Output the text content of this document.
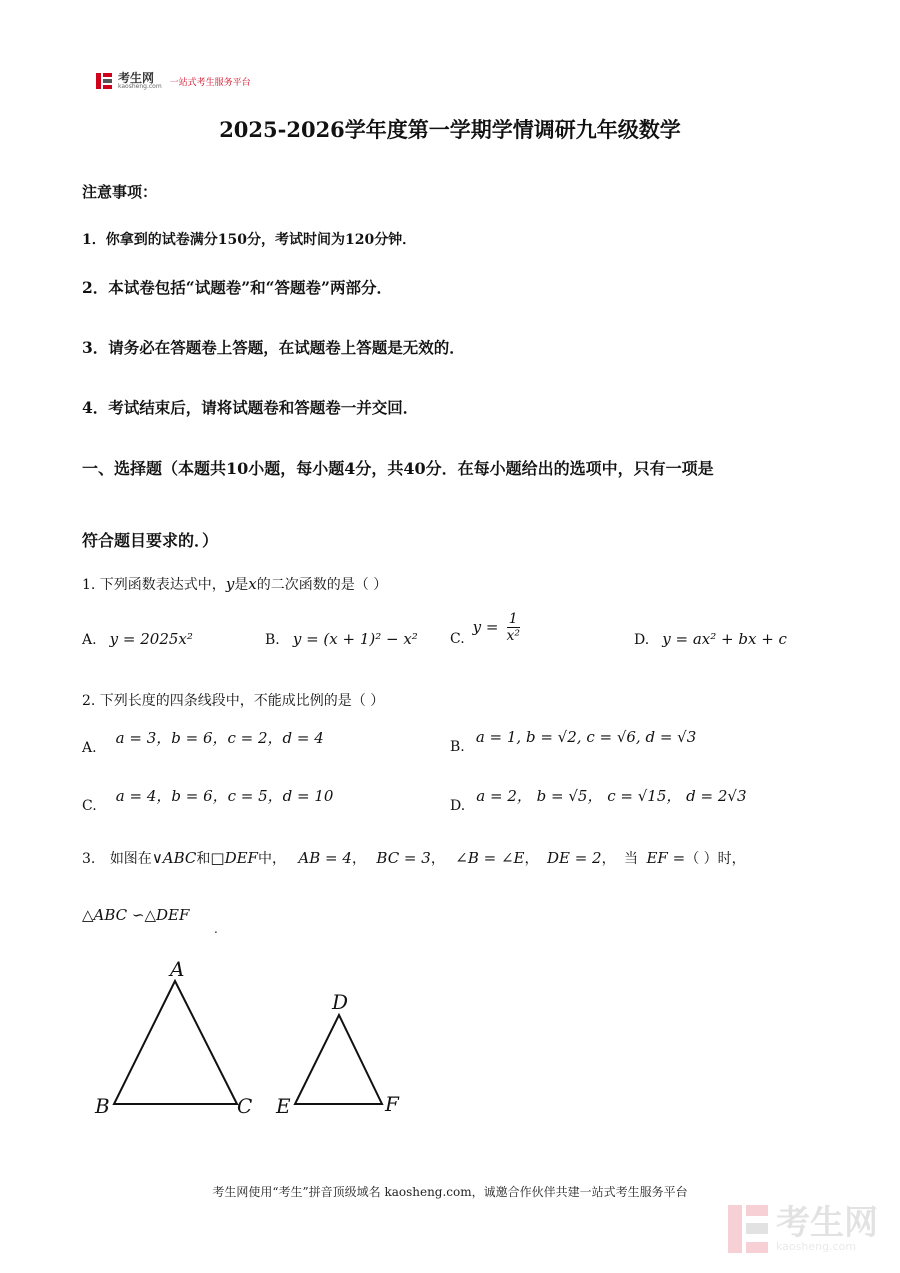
考生网
kaosheng.com 一站式考生服务平台
2025-2026学年度第一学期学情调研九年级数学
注意事项：
1．你拿到的试卷满分150分，考试时间为120分钟．
2．本试卷包括“试题卷”和“答题卷”两部分．
3．请务必在答题卷上答题，在试题卷上答题是无效的．
4．考试结束后，请将试题卷和答题卷一并交回．
一、选择题（本题共10小题，每小题4分，共40分．在每小题给出的选项中，只有一项是
符合题目要求的．）
1. 下列函数表达式中，y是x的二次函数的是（ ）
A. y = 2025x²	B. y = (x + 1)² − x² C.
$y = \frac{1}{\text{x²}}$	D. y = ax² + bx + c
2. 下列长度的四条线段中，不能成比例的是（ ）
A. a = 3，b = 6，c = 2，d = 4	B. a = 1, b = √2, c = √6, d = √3
C. a = 4，b = 6，c = 5，d = 10
D. a = 2， b = √5， c = √15， d = 2√3
3. 如图在∨ABC和□DEF中， AB = 4， BC = 3， ∠B = ∠E， DE = 2， 当 EF =（ ）时，
△ABC ∽△DEF
.
A
B	C
D
E	F
考生网使用“考生”拼音顶级域名 kaosheng.com，诚邀合作伙伴共建一站式考生服务平台
考生网
kaosheng.com
